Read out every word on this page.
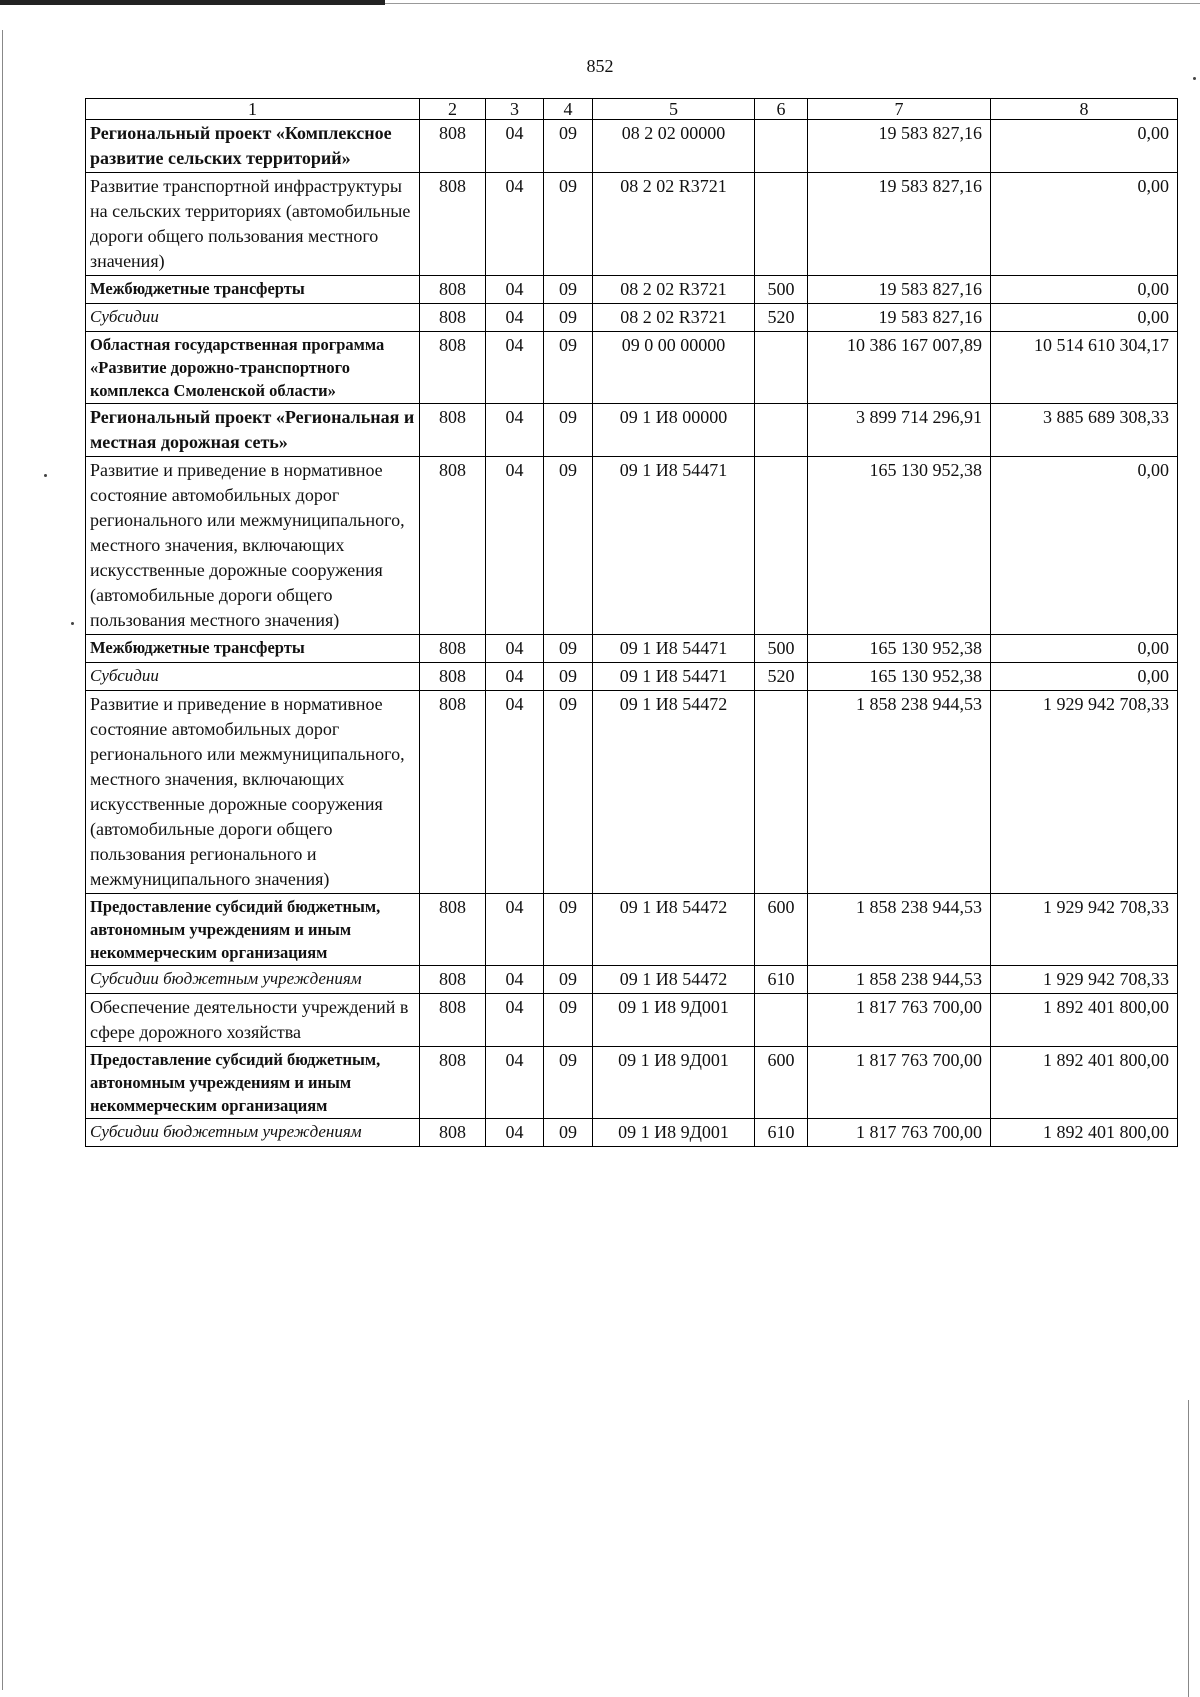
852
1	2	3	4	5	6	7	8
Региональный проект «Комплексное развитие сельских территорий»	808	04	09	08 2 02 00000		19 583 827,16	0,00
Развитие транспортной инфраструктуры на сельских территориях (автомобильные дороги общего пользования местного значения)	808	04	09	08 2 02 R3721		19 583 827,16	0,00
Межбюджетные трансферты	808	04	09	08 2 02 R3721	500	19 583 827,16	0,00
Субсидии	808	04	09	08 2 02 R3721	520	19 583 827,16	0,00
Областная государственная программа «Развитие дорожно-транспортного комплекса Смоленской области»	808	04	09	09 0 00 00000		10 386 167 007,89	10 514 610 304,17
Региональный проект «Региональная и местная дорожная сеть»	808	04	09	09 1 И8 00000		3 899 714 296,91	3 885 689 308,33
Развитие и приведение в нормативное состояние автомобильных дорог регионального или межмуниципального, местного значения, включающих искусственные дорожные сооружения (автомобильные дороги общего пользования местного значения)	808	04	09	09 1 И8 54471		165 130 952,38	0,00
Межбюджетные трансферты	808	04	09	09 1 И8 54471	500	165 130 952,38	0,00
Субсидии	808	04	09	09 1 И8 54471	520	165 130 952,38	0,00
Развитие и приведение в нормативное состояние автомобильных дорог регионального или межмуниципального, местного значения, включающих искусственные дорожные сооружения (автомобильные дороги общего пользования регионального и межмуниципального значения)	808	04	09	09 1 И8 54472		1 858 238 944,53	1 929 942 708,33
Предоставление субсидий бюджетным, автономным учреждениям и иным некоммерческим организациям	808	04	09	09 1 И8 54472	600	1 858 238 944,53	1 929 942 708,33
Субсидии бюджетным учреждениям	808	04	09	09 1 И8 54472	610	1 858 238 944,53	1 929 942 708,33
Обеспечение деятельности учреждений в сфере дорожного хозяйства	808	04	09	09 1 И8 9Д001		1 817 763 700,00	1 892 401 800,00
Предоставление субсидий бюджетным, автономным учреждениям и иным некоммерческим организациям	808	04	09	09 1 И8 9Д001	600	1 817 763 700,00	1 892 401 800,00
Субсидии бюджетным учреждениям	808	04	09	09 1 И8 9Д001	610	1 817 763 700,00	1 892 401 800,00
